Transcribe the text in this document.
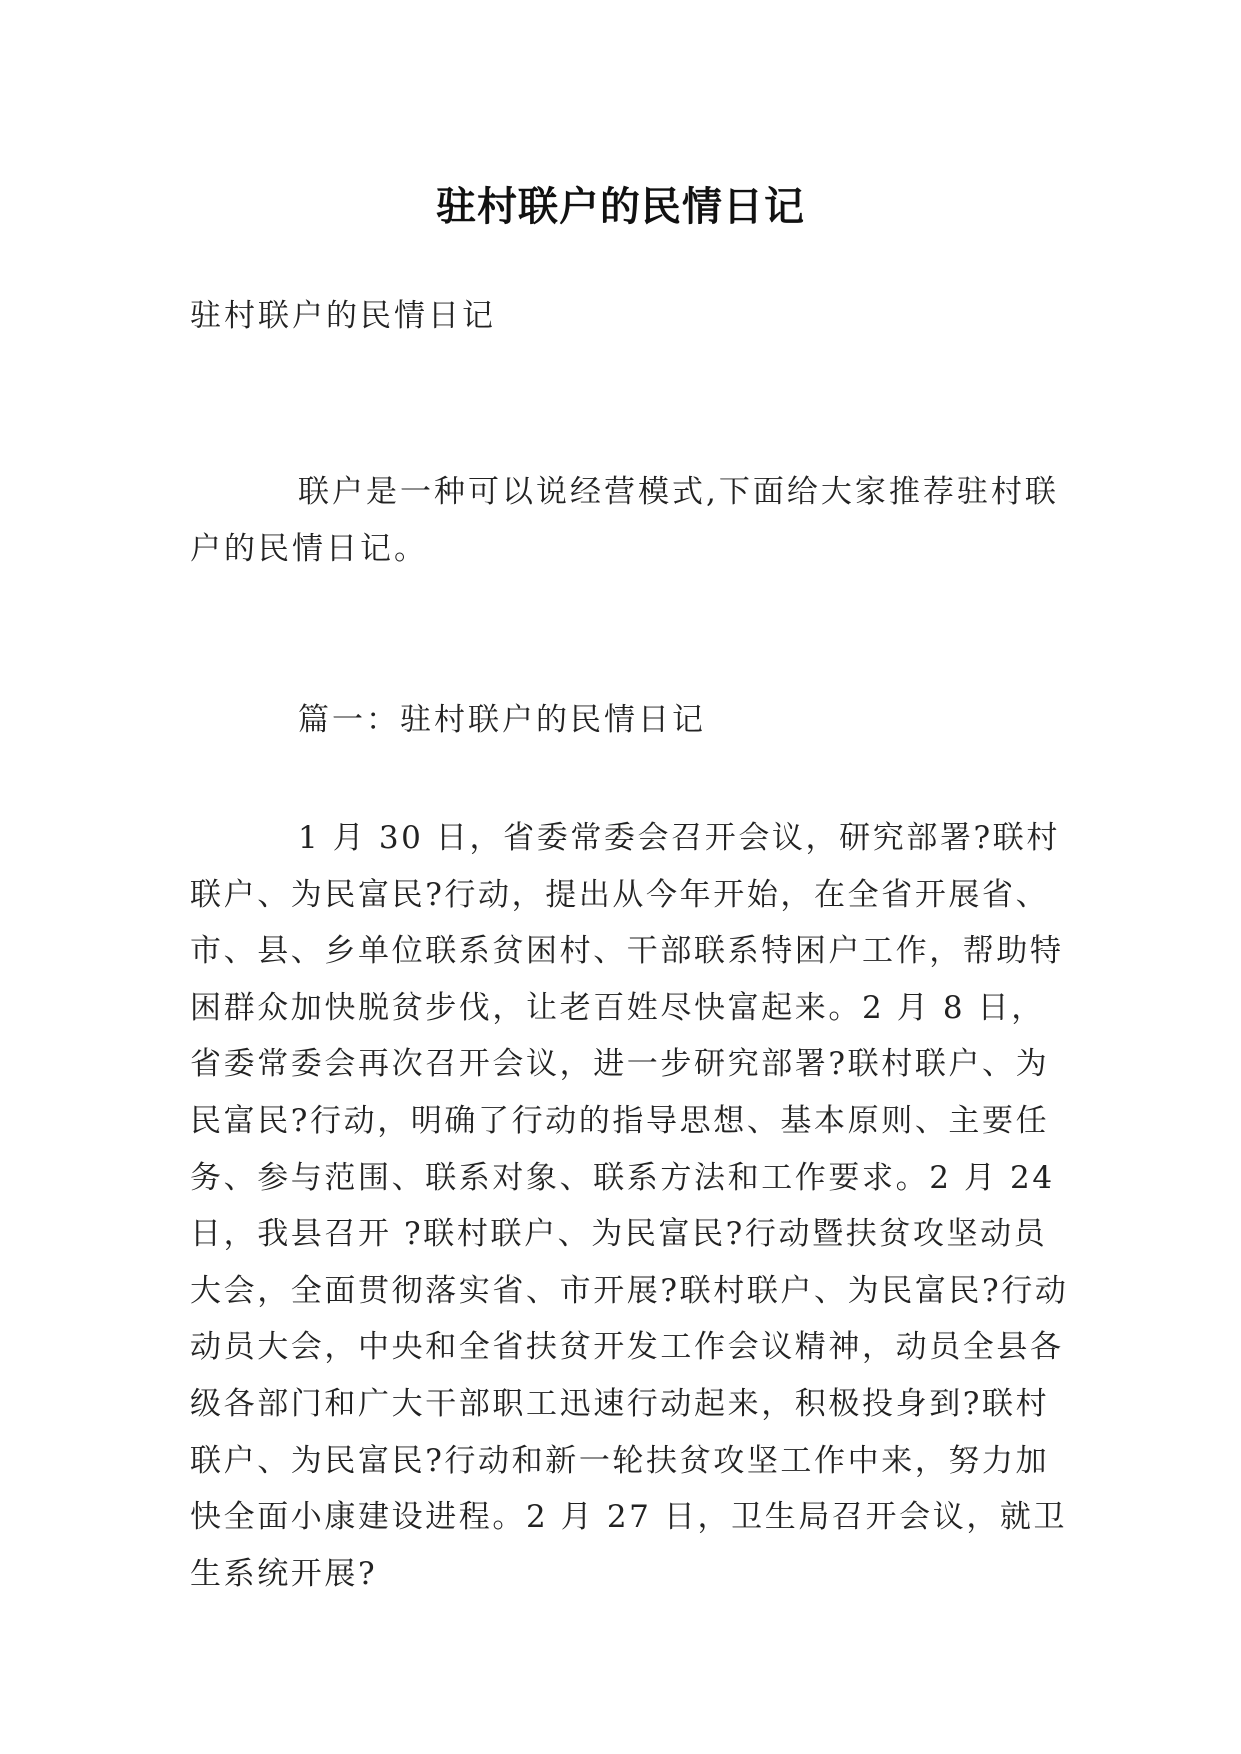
驻村联户的民情日记

驻村联户的民情日记

联户是一种可以说经营模式,下面给大家推荐驻村联户的民情日记。

篇一：驻村联户的民情日记

1 月 30 日，省委常委会召开会议，研究部署?联村联户、为民富民?行动，提出从今年开始，在全省开展省、市、县、乡单位联系贫困村、干部联系特困户工作，帮助特困群众加快脱贫步伐，让老百姓尽快富起来。2 月 8 日，省委常委会再次召开会议，进一步研究部署?联村联户、为民富民?行动，明确了行动的指导思想、基本原则、主要任务、参与范围、联系对象、联系方法和工作要求。2 月 24 日，我县召开 ?联村联户、为民富民?行动暨扶贫攻坚动员大会，全面贯彻落实省、市开展?联村联户、为民富民?行动动员大会，中央和全省扶贫开发工作会议精神，动员全县各级各部门和广大干部职工迅速行动起来，积极投身到?联村联户、为民富民?行动和新一轮扶贫攻坚工作中来，努力加快全面小康建设进程。2 月 27 日，卫生局召开会议，就卫生系统开展?
